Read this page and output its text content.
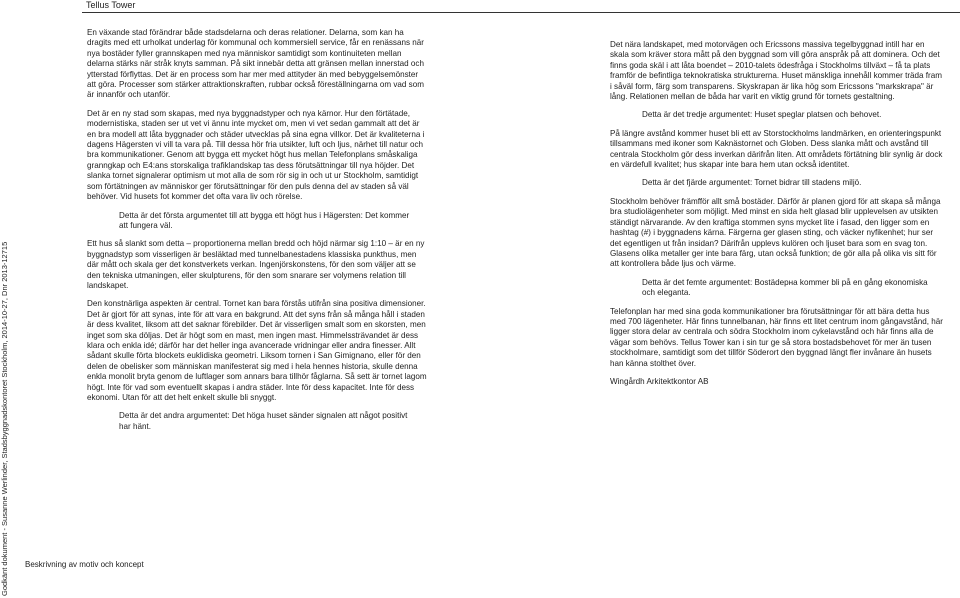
Tellus Tower
Godkänt dokument - Susanne Werlinder, Stadsbyggnadskontoret Stockholm, 2014-10-27, Dnr 2013-12715

En växande stad förändrar både stadsdelarna och deras relationer. Delarna, som kan ha dragits med ett urholkat underlag för kommunal och kommersiell service, får en renässans när nya bostäder fyller grannskapen med nya människor samtidigt som kontinuiteten mellan delarna stärks när stråk knyts samman. På sikt innebär detta att gränsen mellan innerstad och ytterstad förflyttas. Det är en process som har mer med attityder än med bebyggelsemönster att göra. Processer som stärker attraktionskraften, rubbar också föreställningarna om vad som är innanför och utanför.

Det är en ny stad som skapas, med nya byggnadstyper och nya kärnor. Hur den förtätade, modernistiska, staden ser ut vet vi ännu inte mycket om, men vi vet sedan gammalt att det är en bra modell att låta byggnader och städer utvecklas på sina egna villkor. Det är kvaliteterna i dagens Hägersten vi vill ta vara på. Till dessa hör fria utsikter, luft och ljus, närhet till natur och bra kommunikationer. Genom att bygga ett mycket högt hus mellan Telefonplans småskaliga granngkap och E4:ans storskaliga trafiklandskap tas dess förutsättningar till nya höjder. Det slanka tornet signalerar optimism ut mot alla de som rör sig in och ut ur Stockholm, samtidigt som förtätningen av människor ger förutsättningar för den puls denna del av staden så väl behöver. Vid husets fot kommer det ofta vara liv och rörelse.

Detta är det första argumentet till att bygga ett högt hus i Hägersten: Det kommer att fungera väl.

Ett hus så slankt som detta – proportionerna mellan bredd och höjd närmar sig 1:10 – är en ny byggnadstyp som visserligen är besläktad med tunnelbanestadens klassiska punkthus, men där mått och skala ger det konstverkets verkan. Ingenjörskonstens, för den som väljer att se den tekniska utmaningen, eller skulpturens, för den som snarare ser volymens relation till landskapet.

Den konstnärliga aspekten är central. Tornet kan bara förstås utifrån sina positiva dimensioner. Det är gjort för att synas, inte för att vara en bakgrund. Att det syns från så många håll i staden är dess kvalitet, liksom att det saknar förebilder. Det är visserligen smalt som en skorsten, men inget som ska döljas. Det är högt som en mast, men ingen mast. Himmelssträvandet är dess klara och enkla idé; därför har det heller inga avancerade vridningar eller andra finesser. Allt sådant skulle förta blockets euklidiska geometri. Liksom tornen i San Gimignano, eller för den delen de obelisker som människan manifesterat sig med i hela hennes historia, skulle denna enkla monolit bryta genom de luftlager som annars bara tillhör fåglarna. Så sett är tornet lagom högt. Inte för vad som eventuellt skapas i andra städer. Inte för dess kapacitet. Inte för dess ekonomi. Utan för att det helt enkelt skulle bli snyggt.

Detta är det andra argumentet: Det höga huset sänder signalen att något positivt har hänt.

Det nära landskapet, med motorvägen och Ericssons massiva tegelbyggnad intill har en skala som kräver stora mått på den byggnad som vill göra anspråk på att dominera. Och det finns goda skäl i att låta boendet – 2010-talets ödesfråga i Stockholms tillväxt – få ta plats framför de befintliga teknokratiska strukturerna. Huset mänskliga innehåll kommer träda fram i såväl form, färg som transparens. Skyskrapan är lika hög som Ericssons "markskrapa" är lång. Relationen mellan de båda har varit en viktig grund för tornets gestaltning.

Detta är det tredje argumentet: Huset speglar platsen och behovet.

På längre avstånd kommer huset bli ett av Storstockholms landmärken, en orienteringspunkt tillsammans med ikoner som Kaknästornet och Globen. Dess slanka mått och avstånd till centrala Stockholm gör dess inverkan därifrån liten. Att områdets förtätning blir synlig är dock en värdefull kvalitet; hus skapar inte bara hem utan också identitet.

Detta är det fjärde argumentet: Tornet bidrar till stadens miljö.

Stockholm behöver främfför allt små bostäder. Därför är planen gjord för att skapa så många bra studiolägenheter som möjligt. Med minst en sida helt glasad blir upplevelsen av utsikten ständigt närvarande. Av den kraftiga stommen syns mycket lite i fasad, den ligger som en hashtag (#) i byggnadens kärna. Färgerna ger glasen sting, och väcker nyfikenhet; hur ser det egentligen ut från insidan? Därifrån upplevs kulören och ljuset bara som en svag ton. Glasens olika metaller ger inte bara färg, utan också funktion; de gör alla på olika vis sitt för att kontrollera både ljus och värme.

Detta är det femte argumentet: Bostädерна kommer bli på en gång ekonomiska och eleganta.

Telefonplan har med sina goda kommunikationer bra förutsättningar för att bära detta hus med 700 lägenheter. Här finns tunnelbanan, här finns ett litet centrum inom gångavstånd, här ligger stora delar av centrala och södra Stockholm inom cykelavstånd och här finns alla de vägar som behövs. Tellus Tower kan i sin tur ge så stora bostadsbehovet för mer än tusen stockholmare, samtidigt som det tillför Söderort den byggnad längt fler invånare än husets han känna stolthet över.

Wingårdh Arkitektkontor AB

Beskrivning av motiv och koncept
